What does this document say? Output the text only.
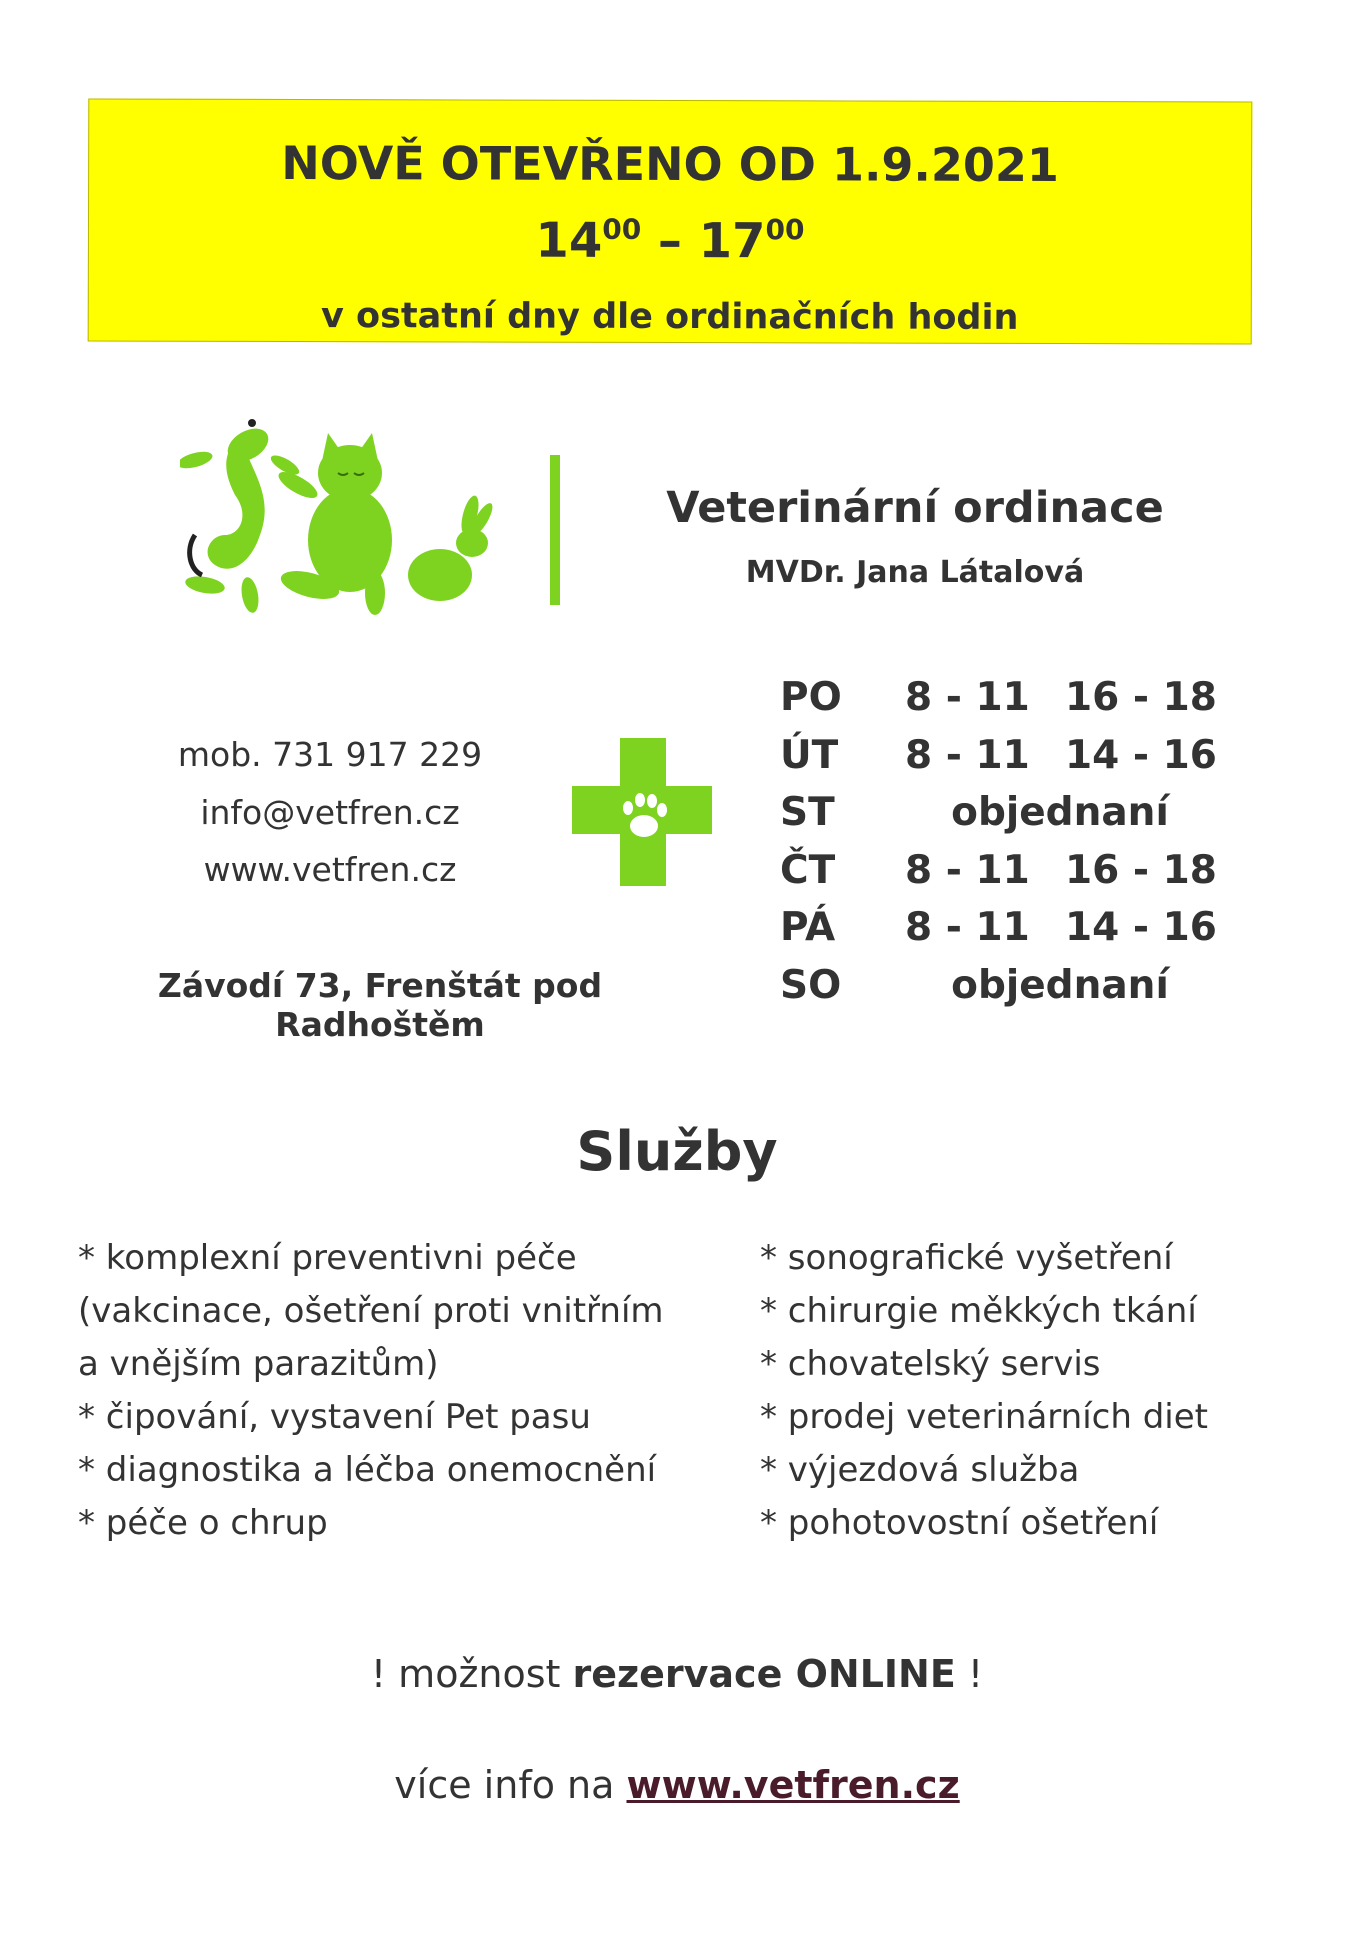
NOVĚ OTEVŘENO OD 1.9.2021
$14^{00} - 17^{00}$
v ostatní dny dle ordinačních hodin
Veterinární ordinace
MVDr. Jana Látalová
mob. 731 917 229
info@vetfren.cz
www.vetfren.cz
Závodí 73, Frenštát pod Radhoštěm
PO 8 - 11 16 - 18
ÚT 8 - 11 14 - 16
ST	objednaní
ČT 8 - 11 16 - 18
PÁ 8 - 11 14 - 16
SO	objednaní
Služby
* komplexní preventivni péče
(vakcinace, ošetření proti vnitřním
a vnějším parazitům)
* čipování, vystavení Pet pasu
* diagnostika a léčba onemocnění
* péče o chrup
* sonografické vyšetření
* chirurgie měkkých tkání
* chovatelský servis
* prodej veterinárních diet
* výjezdová služba
* pohotovostní ošetření
! možnost rezervace ONLINE !
více info na www.vetfren.cz
